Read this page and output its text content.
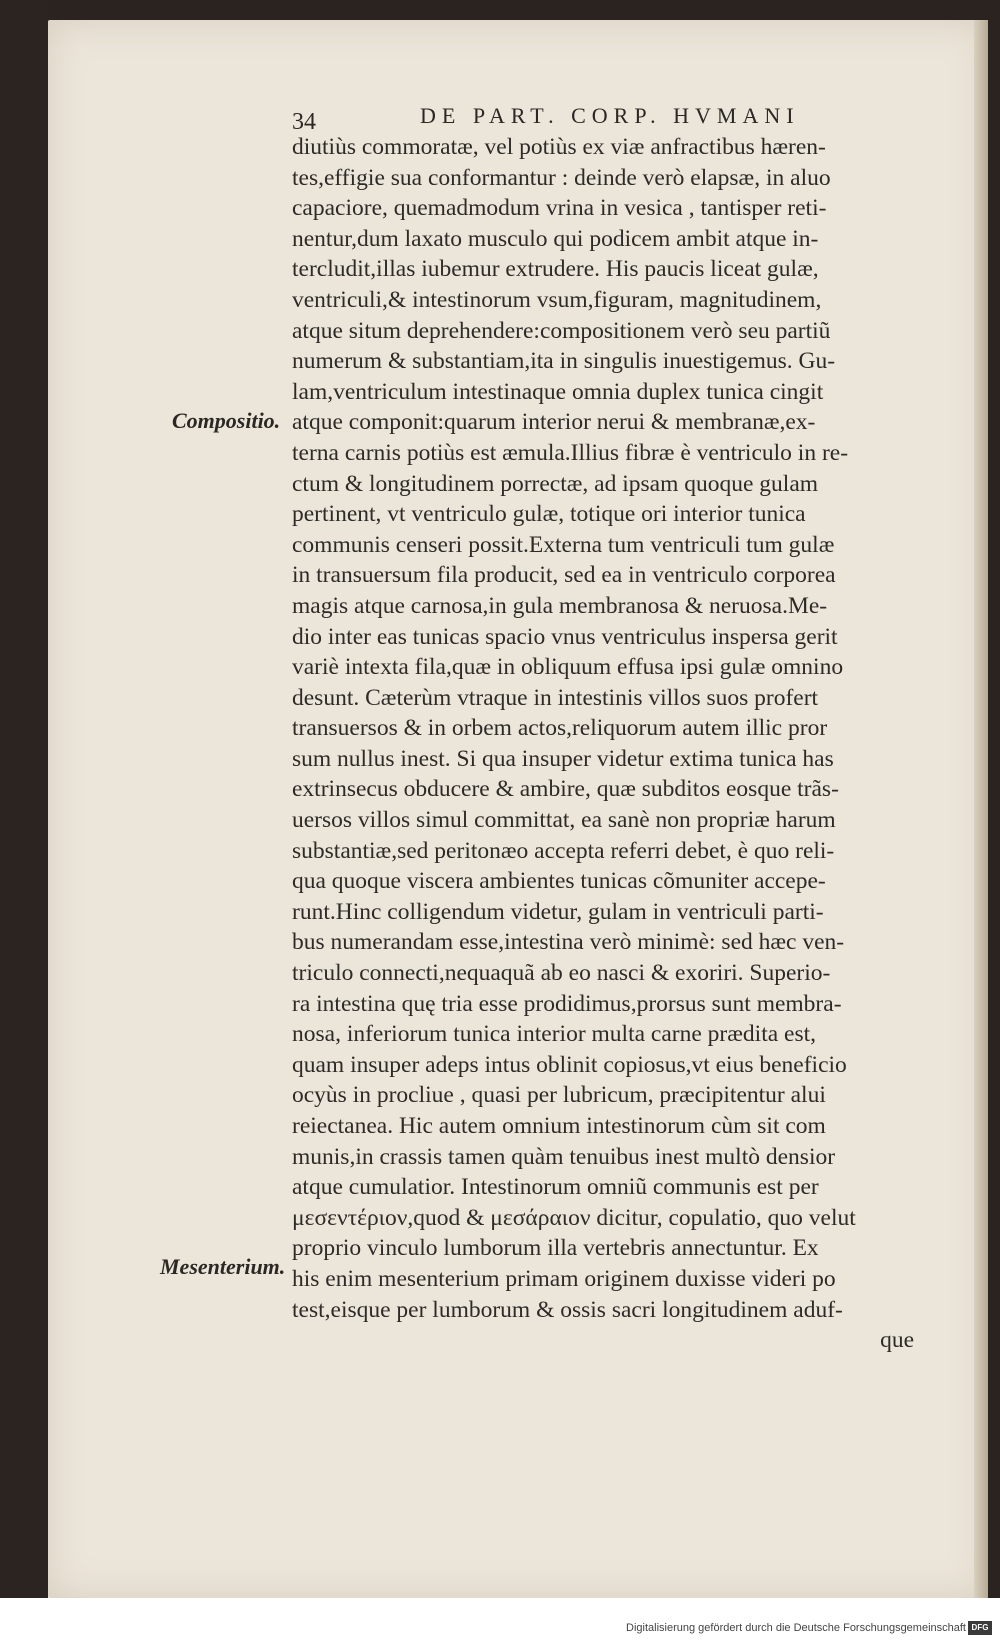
34	DE PART. CORP. HVMANI
Compositio.
Mesenterium.
diutiùs commoratæ, vel potiùs ex viæ anfractibus hæren-
tes,effigie sua conformantur : deinde verò elapsæ, in aluo
capaciore, quemadmodum vrina in vesica , tantisper reti-
nentur,dum laxato musculo qui podicem ambit atque in-
tercludit,illas iubemur extrudere. His paucis liceat gulæ,
ventriculi,& intestinorum vsum,figuram, magnitudinem,
atque situm deprehendere:compositionem verò seu partiũ
numerum & substantiam,ita in singulis inuestigemus. Gu-
lam,ventriculum intestinaque omnia duplex tunica cingit
atque componit:quarum interior nerui & membranæ,ex-
terna carnis potiùs est æmula.Illius fibræ è ventriculo in re-
ctum & longitudinem porrectæ, ad ipsam quoque gulam
pertinent, vt ventriculo gulæ, totique ori interior tunica
communis censeri possit.Externa tum ventriculi tum gulæ
in transuersum fila producit, sed ea in ventriculo corporea
magis atque carnosa,in gula membranosa & neruosa.Me-
dio inter eas tunicas spacio vnus ventriculus inspersa gerit
variè intexta fila,quæ in obliquum effusa ipsi gulæ omnino
desunt. Cæterùm vtraque in intestinis villos suos profert
transuersos & in orbem actos,reliquorum autem illic pror
sum nullus inest. Si qua insuper videtur extima tunica has
extrinsecus obducere & ambire, quæ subditos eosque trãs-
uersos villos simul committat, ea sanè non propriæ harum
substantiæ,sed peritonæo accepta referri debet, è quo reli-
qua quoque viscera ambientes tunicas cõmuniter accepe-
runt.Hinc colligendum videtur, gulam in ventriculi parti-
bus numerandam esse,intestina verò minimè: sed hæc ven-
triculo connecti,nequaquã ab eo nasci & exoriri. Superio-
ra intestina quę tria esse prodidimus,prorsus sunt membra-
nosa, inferiorum tunica interior multa carne prædita est,
quam insuper adeps intus oblinit copiosus,vt eius beneficio
ocyùs in procliue , quasi per lubricum, præcipitentur alui
reiectanea. Hic autem omnium intestinorum cùm sit com
munis,in crassis tamen quàm tenuibus inest multò densior
atque cumulatior. Intestinorum omniũ communis est per
μεσεντέριον,quod & μεσάραιον dicitur, copulatio, quo velut
proprio vinculo lumborum illa vertebris annectuntur. Ex
his enim mesenterium primam originem duxisse videri po
test,eisque per lumborum & ossis sacri longitudinem aduf-
que
Digitalisierung gefördert durch die Deutsche Forschungsgemeinschaft DFG
